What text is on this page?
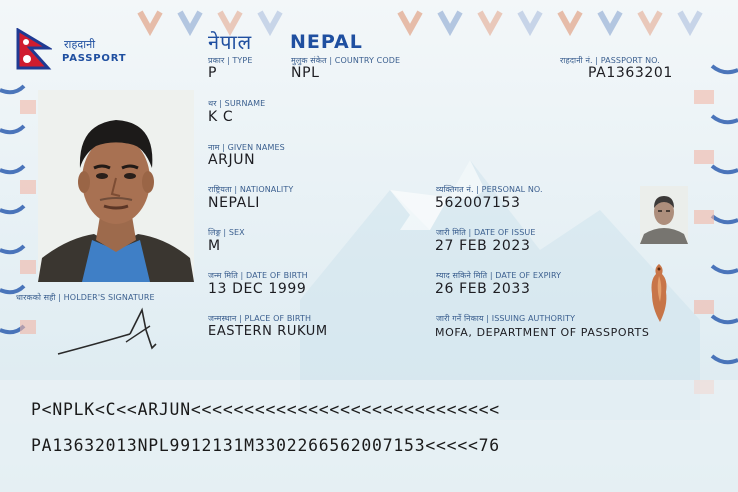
राहदानी
PASSPORT
नेपाल NEPAL
प्रकार | TYPE
P
मुलुक संकेत | COUNTRY CODE
NPL
राहदानी नं. | PASSPORT NO.
PA1363201
थर | SURNAME
K C
नाम | GIVEN NAMES
ARJUN
राष्ट्रियता | NATIONALITY
NEPALI
व्यक्तिगत नं. | PERSONAL NO.
562007153
लिङ्ग | SEX
M
जारी मिति | DATE OF ISSUE
27 FEB 2023
जन्म मिति | DATE OF BIRTH
13 DEC 1999
म्याद सकिने मिति | DATE OF EXPIRY
26 FEB 2033
धारकको सही | HOLDER'S SIGNATURE
जन्मस्थान | PLACE OF BIRTH
EASTERN RUKUM
जारी गर्ने निकाय | ISSUING AUTHORITY
MOFA, DEPARTMENT OF PASSPORTS
P<NPLK<C<<ARJUN<<<<<<<<<<<<<<<<<<<<<<<<<<<<<
PA13632013NPL9912131M3302266562007153<<<<<76
